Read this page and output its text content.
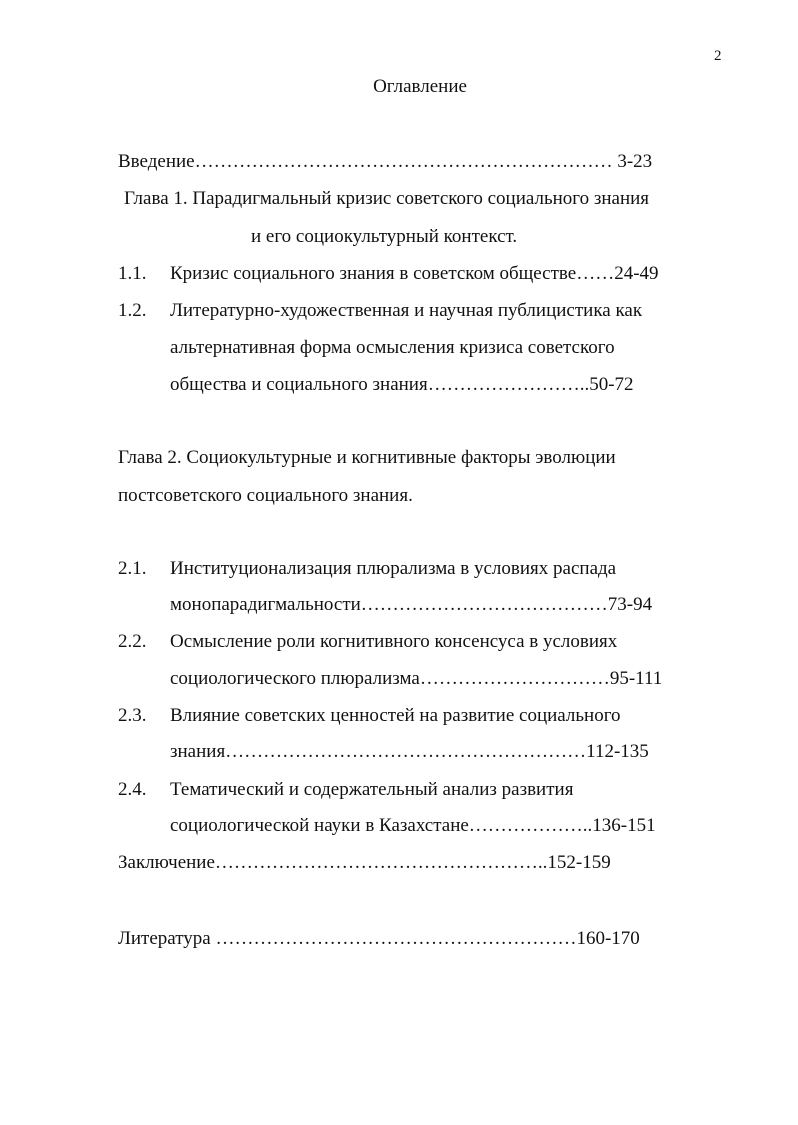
2
Оглавление
Введение………………………………………………………… 3-23
Глава 1. Парадигмальный кризис советского социального знания
и его социокультурный контекст.
1.1. Кризис социального знания в советском обществе……24-49
1.2. Литературно-художественная и научная публицистика как
альтернативная форма осмысления кризиса советского
общества и социального знания……………………..50-72
Глава 2. Социокультурные и когнитивные факторы эволюции
постсоветского социального знания.
2.1. Институционализация плюрализма в условиях распада
монопарадигмальности…………………………………73-94
2.2. Осмысление роли когнитивного консенсуса в условиях
социологического плюрализма…………………………95-111
2.3. Влияние советских ценностей на развитие социального
знания…………………………………………………112-135
2.4. Тематический и содержательный анализ развития
социологической науки в Казахстане………………..136-151
Заключение……………………………………………..152-159
Литература …………………………………………………160-170
